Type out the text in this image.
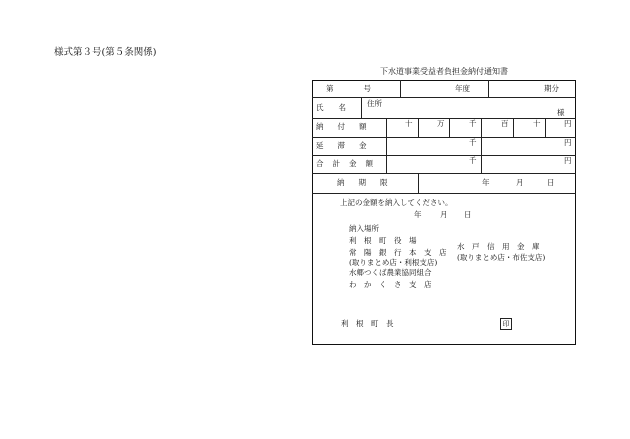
様式第３号(第５条関係)
下水道事業受益者負担金納付通知書
第　　　　号	年度	期分
氏　　名	住所
様
納付額	十	万	千	百	十	円
延滞金	千	円
合計金額	千	円
納期限	年	月	日
上記の金額を納入してください。
年 月 日
納入場所
利　根　町　役　場
常　陽　銀　行　本　支　店
(取りまとめ店・利根支店)
水郷つくば農業協同組合
わ　か　く　さ　支　店
水　戸　信　用　金　庫
(取りまとめ店・布佐支店)
利　根　町　長	印
